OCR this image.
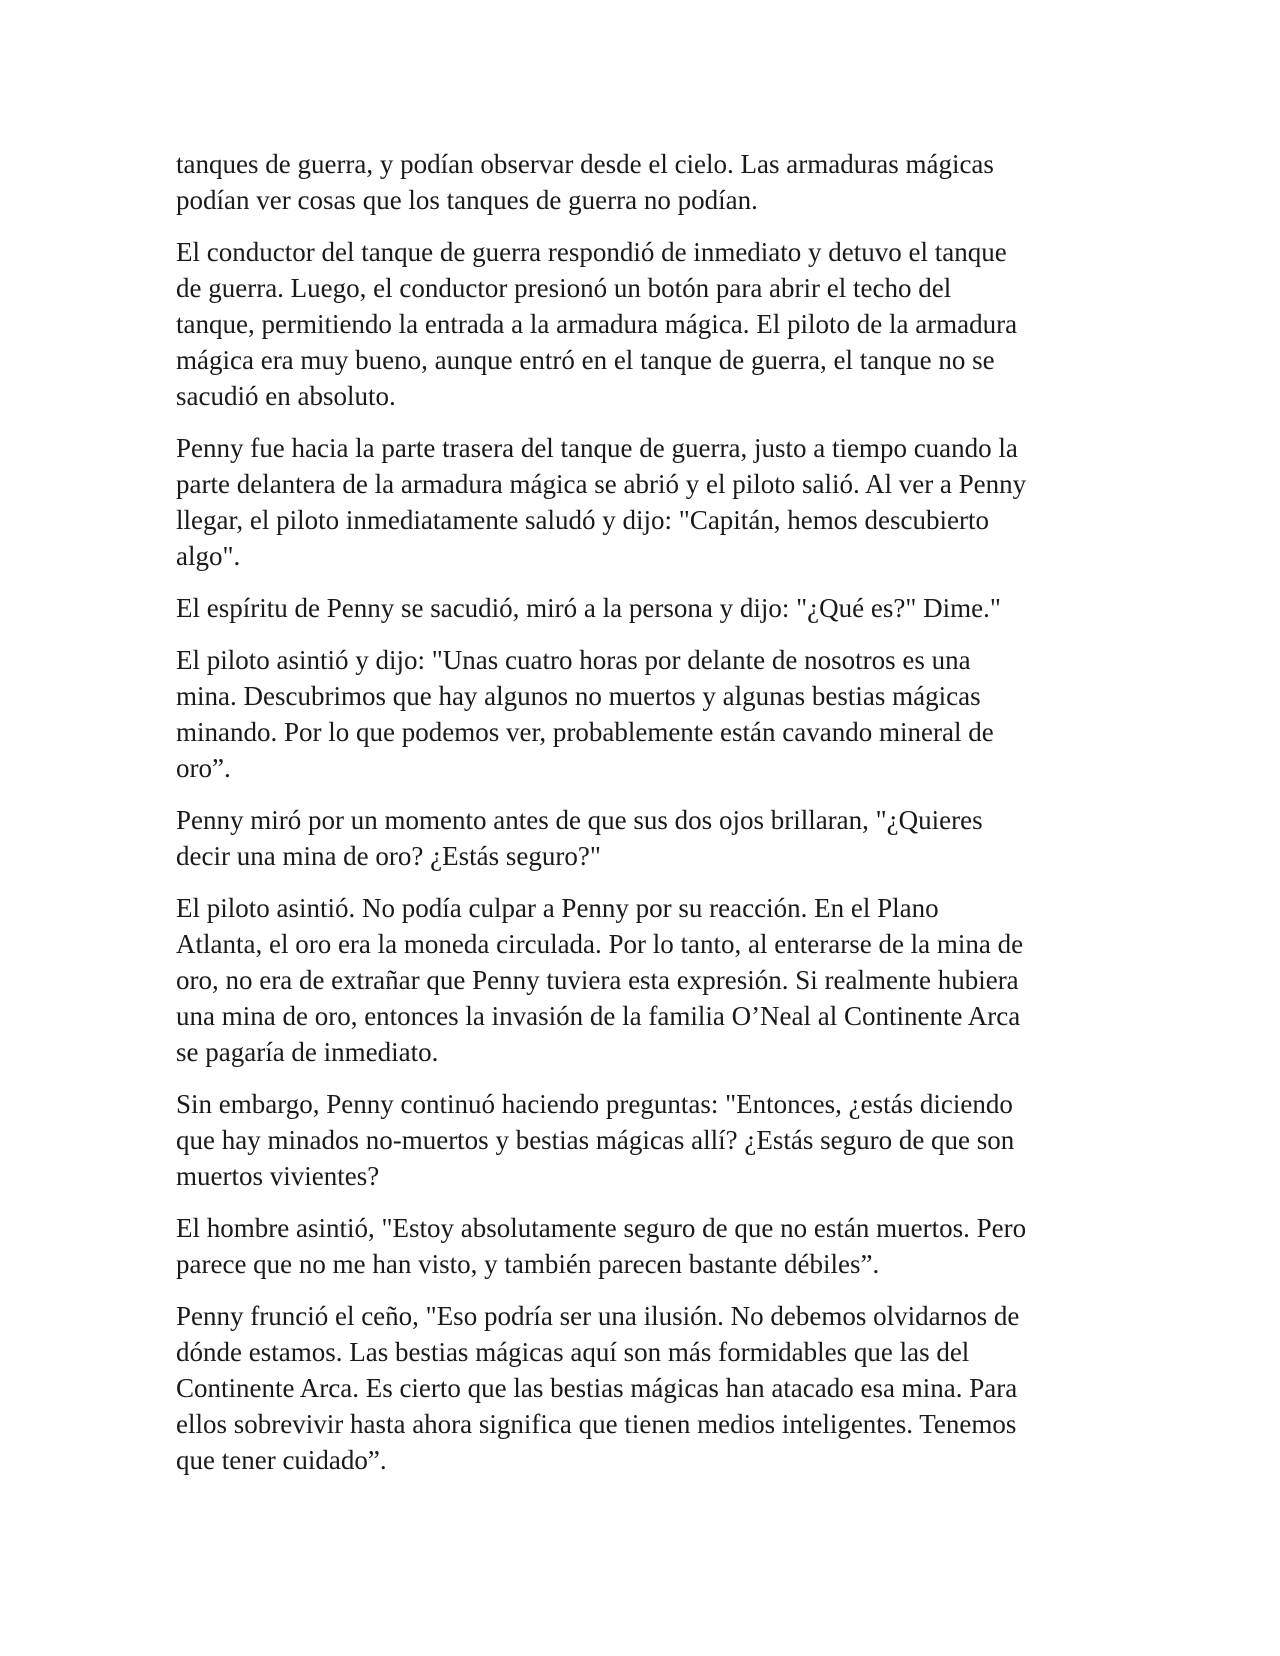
tanques de guerra, y podían observar desde el cielo. Las armaduras mágicas
podían ver cosas que los tanques de guerra no podían.

El conductor del tanque de guerra respondió de inmediato y detuvo el tanque
de guerra. Luego, el conductor presionó un botón para abrir el techo del
tanque, permitiendo la entrada a la armadura mágica. El piloto de la armadura
mágica era muy bueno, aunque entró en el tanque de guerra, el tanque no se
sacudió en absoluto.

Penny fue hacia la parte trasera del tanque de guerra, justo a tiempo cuando la
parte delantera de la armadura mágica se abrió y el piloto salió. Al ver a Penny
llegar, el piloto inmediatamente saludó y dijo: "Capitán, hemos descubierto
algo".

El espíritu de Penny se sacudió, miró a la persona y dijo: "¿Qué es?" Dime."

El piloto asintió y dijo: "Unas cuatro horas por delante de nosotros es una
mina. Descubrimos que hay algunos no muertos y algunas bestias mágicas
minando. Por lo que podemos ver, probablemente están cavando mineral de
oro”.

Penny miró por un momento antes de que sus dos ojos brillaran, "¿Quieres
decir una mina de oro? ¿Estás seguro?"

El piloto asintió. No podía culpar a Penny por su reacción. En el Plano
Atlanta, el oro era la moneda circulada. Por lo tanto, al enterarse de la mina de
oro, no era de extrañar que Penny tuviera esta expresión. Si realmente hubiera
una mina de oro, entonces la invasión de la familia O’Neal al Continente Arca
se pagaría de inmediato.

Sin embargo, Penny continuó haciendo preguntas: "Entonces, ¿estás diciendo
que hay minados no-muertos y bestias mágicas allí? ¿Estás seguro de que son
muertos vivientes?

El hombre asintió, "Estoy absolutamente seguro de que no están muertos. Pero
parece que no me han visto, y también parecen bastante débiles”.

Penny frunció el ceño, "Eso podría ser una ilusión. No debemos olvidarnos de
dónde estamos. Las bestias mágicas aquí son más formidables que las del
Continente Arca. Es cierto que las bestias mágicas han atacado esa mina. Para
ellos sobrevivir hasta ahora significa que tienen medios inteligentes. Tenemos
que tener cuidado”.
